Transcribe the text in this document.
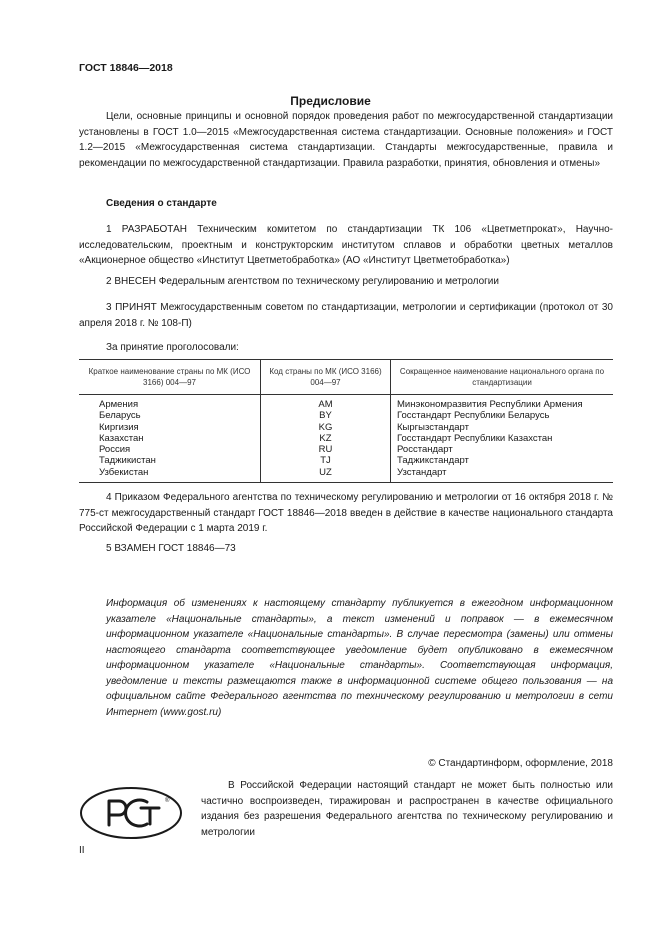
ГОСТ 18846—2018
Предисловие

Цели, основные принципы и основной порядок проведения работ по межгосударственной стандартизации установлены в ГОСТ 1.0—2015 «Межгосударственная система стандартизации. Основные положения» и ГОСТ 1.2—2015 «Межгосударственная система стандартизации. Стандарты межгосударственные, правила и рекомендации по межгосударственной стандартизации. Правила разработки, принятия, обновления и отмены»

Сведения о стандарте

1 РАЗРАБОТАН Техническим комитетом по стандартизации ТК 106 «Цветметпрокат», Научно-исследовательским, проектным и конструкторским институтом сплавов и обработки цветных металлов «Акционерное общество «Институт Цветметобработка» (АО «Институт Цветметобработка»)

2 ВНЕСЕН Федеральным агентством по техническому регулированию и метрологии

3 ПРИНЯТ Межгосударственным советом по стандартизации, метрологии и сертификации (протокол от 30 апреля 2018 г. № 108-П)

За принятие проголосовали:
Краткое наименование страны по МК (ИСО 3166) 004—97	Код страны по МК (ИСО 3166) 004—97	Сокращенное наименование национального органа по стандартизации
Армения	AM	Минэкономразвития Республики Армения
Беларусь	BY	Госстандарт Республики Беларусь
Киргизия	KG	Кыргызстандарт
Казахстан	KZ	Госстандарт Республики Казахстан
Россия	RU	Росстандарт
Таджикистан	TJ	Таджикстандарт
Узбекистан	UZ	Узстандарт

4 Приказом Федерального агентства по техническому регулированию и метрологии от 16 октября 2018 г. № 775-ст межгосударственный стандарт ГОСТ 18846—2018 введен в действие в качестве национального стандарта Российской Федерации с 1 марта 2019 г.

5 ВЗАМЕН ГОСТ 18846—73

Информация об изменениях к настоящему стандарту публикуется в ежегодном информационном указателе «Национальные стандарты», а текст изменений и поправок — в ежемесячном информационном указателе «Национальные стандарты». В случае пересмотра (замены) или отмены настоящего стандарта соответствующее уведомление будет опубликовано в ежемесячном информационном указателе «Национальные стандарты». Соответствующая информация, уведомление и тексты размещаются также в информационной системе общего пользования — на официальном сайте Федерального агентства по техническому регулированию и метрологии в сети Интернет (www.gost.ru)

© Стандартинформ, оформление, 2018
®

В Российской Федерации настоящий стандарт не может быть полностью или частично воспроизведен, тиражирован и распространен в качестве официального издания без разрешения Федерального агентства по техническому регулированию и метрологии

II
